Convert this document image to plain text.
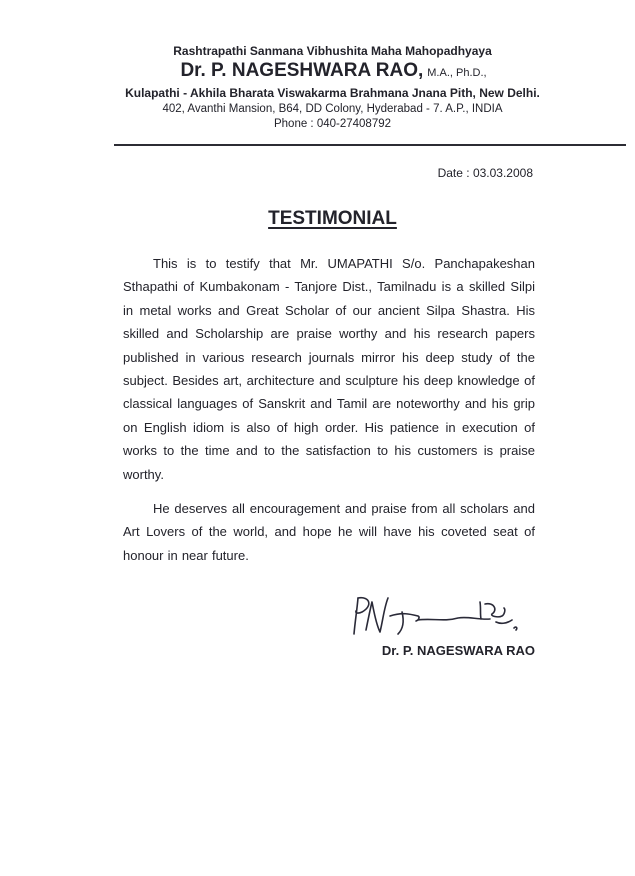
Rashtrapathi Sanmana Vibhushita Maha Mahopadhyaya
Dr. P. NAGESHWARA RAO, M.A., Ph.D.,
Kulapathi - Akhila Bharata Viswakarma Brahmana Jnana Pith, New Delhi.
402, Avanthi Mansion, B64, DD Colony, Hyderabad - 7. A.P., INDIA
Phone : 040-27408792
Date : 03.03.2008
TESTIMONIAL

This is to testify that Mr. UMAPATHI S/o. Panchapakeshan Sthapathi of Kumbakonam - Tanjore Dist., Tamilnadu is a skilled Silpi in metal works and Great Scholar of our ancient Silpa Shastra. His skilled and Scholarship are praise worthy and his research papers published in various research journals mirror his deep study of the subject. Besides art, architecture and sculpture his deep knowledge of classical languages of Sanskrit and Tamil are noteworthy and his grip on English idiom is also of high order. His patience in execution of works to the time and to the satisfaction to his customers is praise worthy.

He deserves all encouragement and praise from all scholars and Art Lovers of the world, and hope he will have his coveted seat of honour in near future.

Dr. P. NAGESWARA RAO
